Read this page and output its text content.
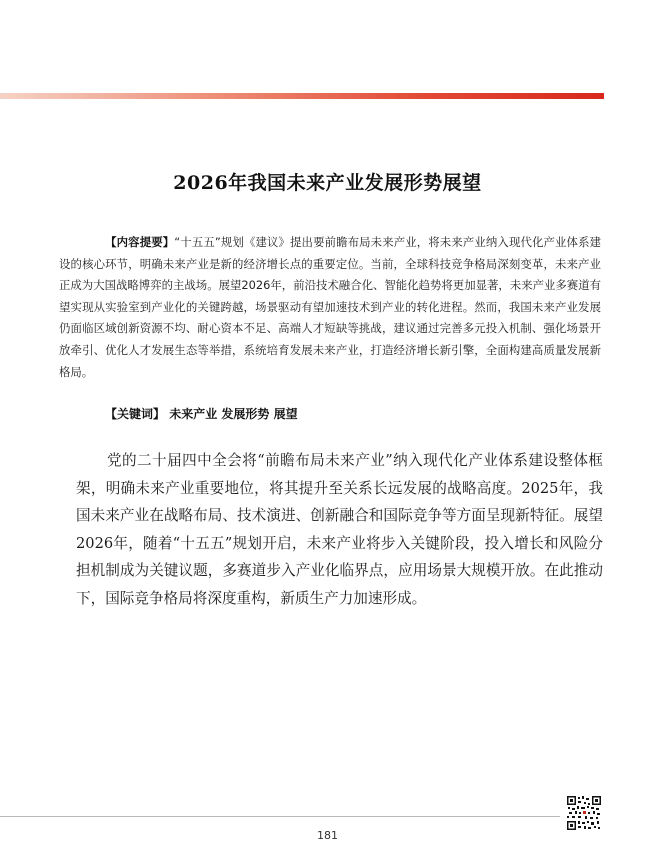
2026年我国未来产业发展形势展望
【内容提要】“十五五”规划《建议》提出要前瞻布局未来产业，将未来产业纳入现代化产业体系建设的核心环节，明确未来产业是新的经济增长点的重要定位。当前，全球科技竞争格局深刻变革，未来产业正成为大国战略博弈的主战场。展望2026年，前沿技术融合化、智能化趋势将更加显著，未来产业多赛道有望实现从实验室到产业化的关键跨越，场景驱动有望加速技术到产业的转化进程。然而，我国未来产业发展仍面临区域创新资源不均、耐心资本不足、高端人才短缺等挑战，建议通过完善多元投入机制、强化场景开放牵引、优化人才发展生态等举措，系统培育发展未来产业，打造经济增长新引擎，全面构建高质量发展新格局。
【关键词】 未来产业 发展形势 展望
党的二十届四中全会将“前瞻布局未来产业”纳入现代化产业体系建设整体框架，明确未来产业重要地位，将其提升至关系长远发展的战略高度。2025年，我国未来产业在战略布局、技术演进、创新融合和国际竞争等方面呈现新特征。展望2026年，随着“十五五”规划开启，未来产业将步入关键阶段，投入增长和风险分担机制成为关键议题，多赛道步入产业化临界点，应用场景大规模开放。在此推动下，国际竞争格局将深度重构，新质生产力加速形成。
181
